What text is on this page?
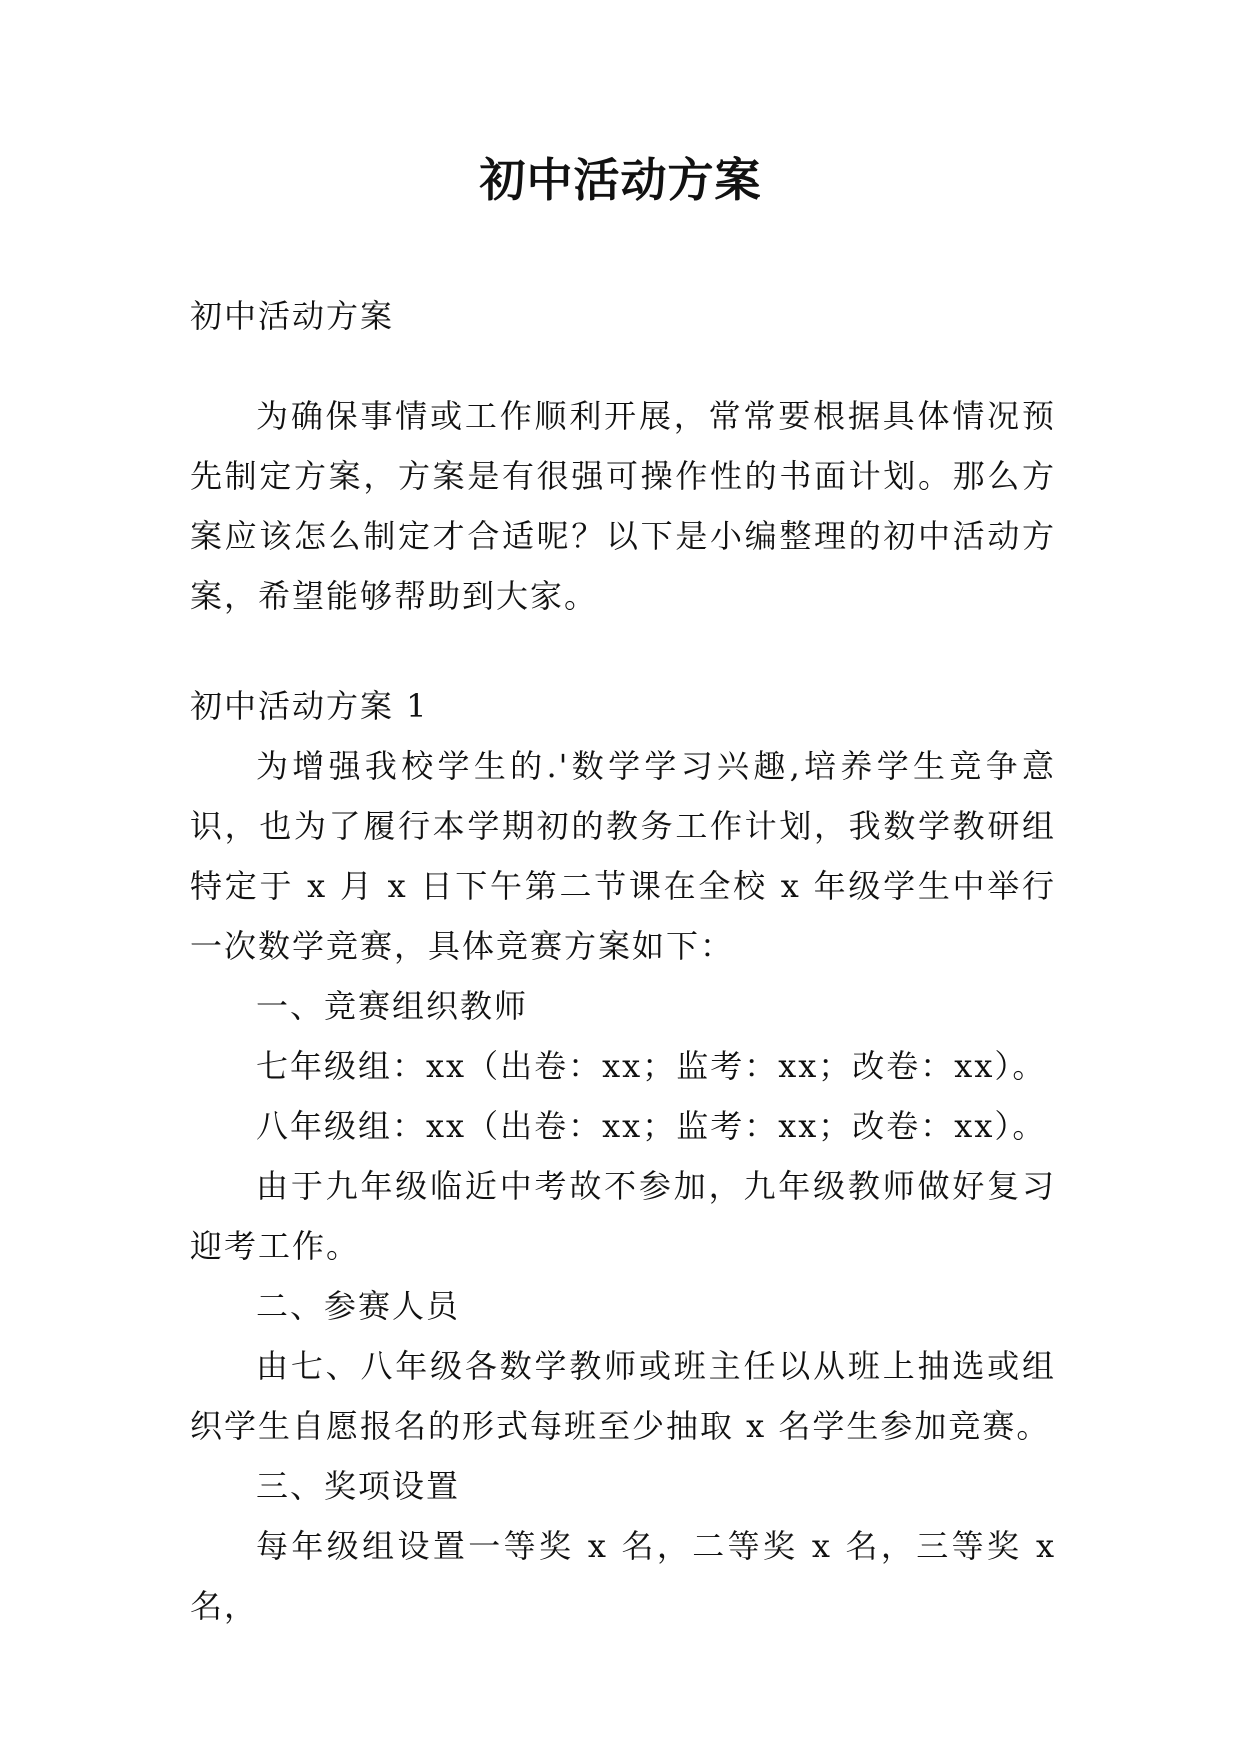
初中活动方案

初中活动方案

为确保事情或工作顺利开展，常常要根据具体情况预先制定方案，方案是有很强可操作性的书面计划。那么方案应该怎么制定才合适呢？以下是小编整理的初中活动方案，希望能够帮助到大家。

初中活动方案 1

为增强我校学生的.'数学学习兴趣,培养学生竞争意识，也为了履行本学期初的教务工作计划，我数学教研组特定于 x 月 x 日下午第二节课在全校 x 年级学生中举行一次数学竞赛，具体竞赛方案如下：

一、竞赛组织教师

七年级组：xx（出卷：xx；监考：xx；改卷：xx）。

八年级组：xx（出卷：xx；监考：xx；改卷：xx）。

由于九年级临近中考故不参加，九年级教师做好复习迎考工作。

二、参赛人员

由七、八年级各数学教师或班主任以从班上抽选或组织学生自愿报名的形式每班至少抽取 x 名学生参加竞赛。

三、奖项设置

每年级组设置一等奖 x 名，二等奖 x 名，三等奖 x 名，
